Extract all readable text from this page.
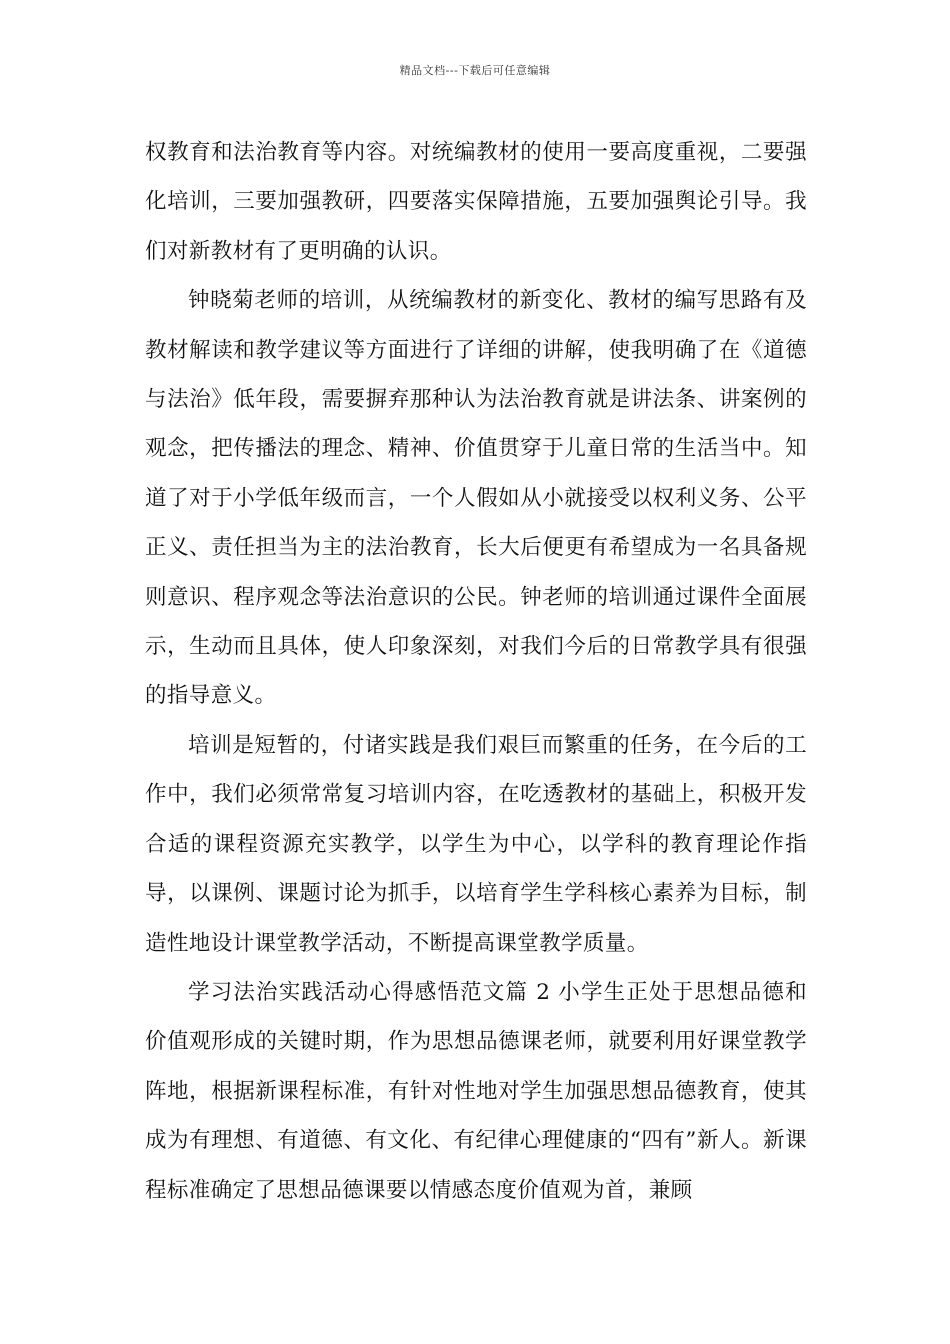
精品文档---下载后可任意编辑

权教育和法治教育等内容。对统编教材的使用一要高度重视，二要强化培训，三要加强教研，四要落实保障措施，五要加强舆论引导。我们对新教材有了更明确的认识。

钟晓菊老师的培训，从统编教材的新变化、教材的编写思路有及教材解读和教学建议等方面进行了详细的讲解，使我明确了在《道德与法治》低年段，需要摒弃那种认为法治教育就是讲法条、讲案例的观念，把传播法的理念、精神、价值贯穿于儿童日常的生活当中。知道了对于小学低年级而言，一个人假如从小就接受以权利义务、公平正义、责任担当为主的法治教育，长大后便更有希望成为一名具备规则意识、程序观念等法治意识的公民。钟老师的培训通过课件全面展示，生动而且具体，使人印象深刻，对我们今后的日常教学具有很强的指导意义。

培训是短暂的，付诸实践是我们艰巨而繁重的任务，在今后的工作中，我们必须常常复习培训内容，在吃透教材的基础上，积极开发合适的课程资源充实教学，以学生为中心，以学科的教育理论作指导，以课例、课题讨论为抓手，以培育学生学科核心素养为目标，制造性地设计课堂教学活动，不断提高课堂教学质量。

学习法治实践活动心得感悟范文篇 2 小学生正处于思想品德和价值观形成的关键时期，作为思想品德课老师，就要利用好课堂教学阵地，根据新课程标准，有针对性地对学生加强思想品德教育，使其成为有理想、有道德、有文化、有纪律心理健康的“四有”新人。新课程标准确定了思想品德课要以情感态度价值观为首，兼顾
